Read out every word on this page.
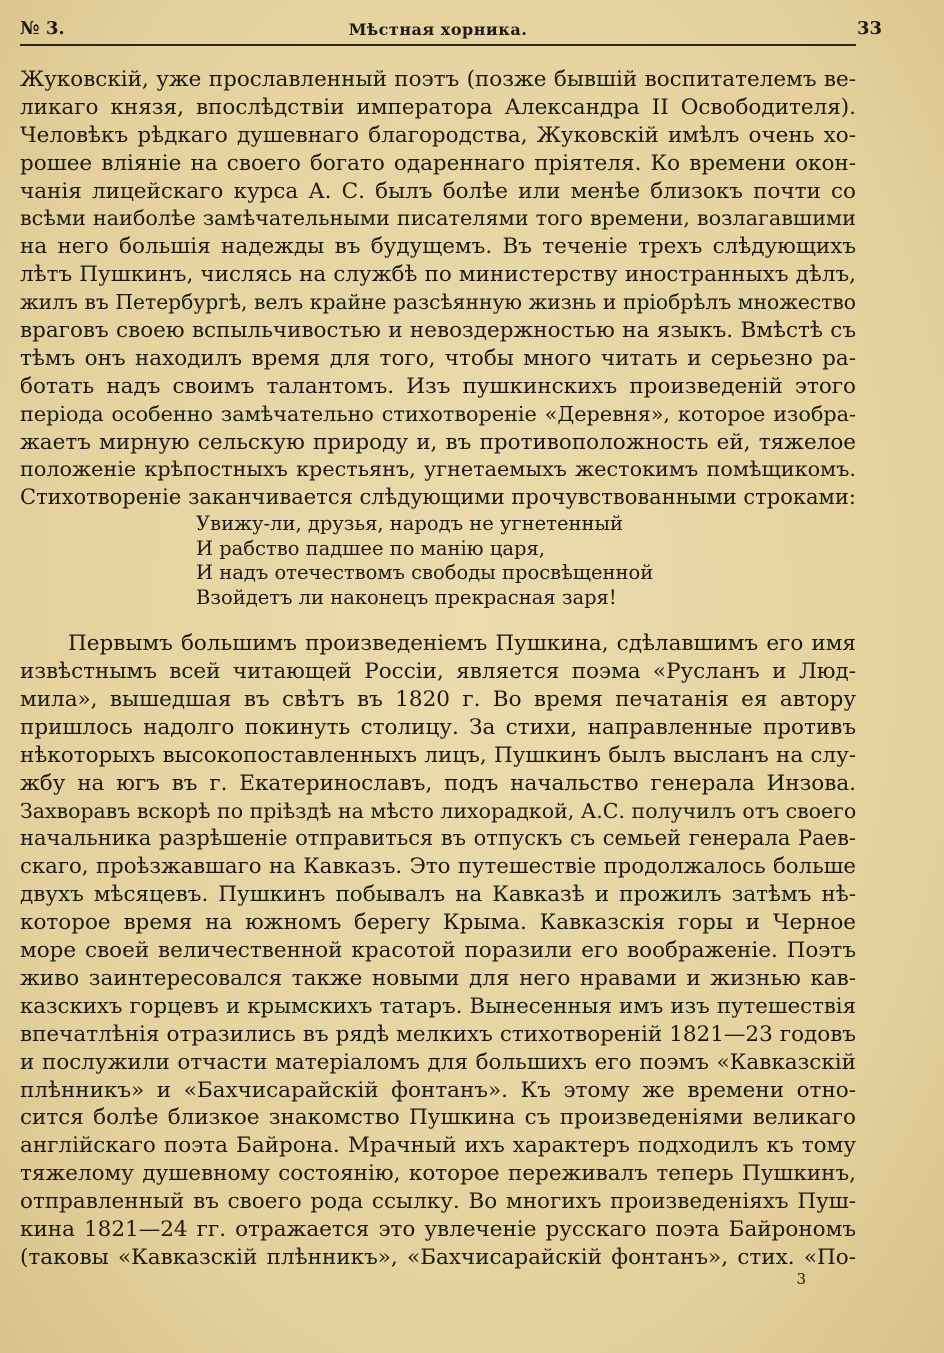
№ 3.	Мѣстная хорника.	33
Жуковскій, уже прославленный поэтъ (позже бывшій воспитателемъ ве-
ликаго князя, впослѣдствіи императора Александра II Освободителя).
Человѣкъ рѣдкаго душевнаго благородства, Жуковскій имѣлъ очень хо-
рошее вліяніе на своего богато одареннаго пріятеля. Ко времени окон-
чанія лицейскаго курса А. С. былъ болѣе или менѣе близокъ почти со
всѣми наиболѣе замѣчательными писателями того времени, возлагавшими
на него большія надежды въ будущемъ. Въ теченіе трехъ слѣдующихъ
лѣтъ Пушкинъ, числясь на службѣ по министерству иностранныхъ дѣлъ,
жилъ въ Петербургѣ, велъ крайне разсѣянную жизнь и пріобрѣлъ множество
враговъ своею вспыльчивостью и невоздержностью на языкъ. Вмѣстѣ съ
тѣмъ онъ находилъ время для того, чтобы много читать и серьезно ра-
ботать надъ своимъ талантомъ. Изъ пушкинскихъ произведеній этого
періода особенно замѣчательно стихотвореніе «Деревня», которое изобра-
жаетъ мирную сельскую природу и, въ противоположность ей, тяжелое
положеніе крѣпостныхъ крестьянъ, угнетаемыхъ жестокимъ помѣщикомъ.
Стихотвореніе заканчивается слѣдующими прочувствованными строками:
Увижу-ли, друзья, народъ не угнетенный
И рабство падшее по манію царя,
И надъ отечествомъ свободы просвѣщенной
Взойдетъ ли наконецъ прекрасная заря!
Первымъ большимъ произведеніемъ Пушкина, сдѣлавшимъ его имя
извѣстнымъ всей читающей Россіи, является поэма «Русланъ и Люд-
мила», вышедшая въ свѣтъ въ 1820 г. Во время печатанія ея автору
пришлось надолго покинуть столицу. За стихи, направленные противъ
нѣкоторыхъ высокопоставленныхъ лицъ, Пушкинъ былъ высланъ на слу-
жбу на югъ въ г. Екатеринославъ, подъ начальство генерала Инзова.
Захворавъ вскорѣ по пріѣздѣ на мѣсто лихорадкой, А.С. получилъ отъ своего
начальника разрѣшеніе отправиться въ отпускъ съ семьей генерала Раев-
скаго, проѣзжавшаго на Кавказъ. Это путешествіе продолжалось больше
двухъ мѣсяцевъ. Пушкинъ побывалъ на Кавказѣ и прожилъ затѣмъ нѣ-
которое время на южномъ берегу Крыма. Кавказскія горы и Черное
море своей величественной красотой поразили его воображеніе. Поэтъ
живо заинтересовался также новыми для него нравами и жизнью кав-
казскихъ горцевъ и крымскихъ татаръ. Вынесенныя имъ изъ путешествія
впечатлѣнія отразились въ рядѣ мелкихъ стихотвореній 1821—23 годовъ
и послужили отчасти матеріаломъ для большихъ его поэмъ «Кавказскій
плѣнникъ» и «Бахчисарайскій фонтанъ». Къ этому же времени отно-
сится болѣе близкое знакомство Пушкина съ произведеніями великаго
англійскаго поэта Байрона. Мрачный ихъ характеръ подходилъ къ тому
тяжелому душевному состоянію, которое переживалъ теперь Пушкинъ,
отправленный въ своего рода ссылку. Во многихъ произведеніяхъ Пуш-
кина 1821—24 гг. отражается это увлеченіе русскаго поэта Байрономъ
(таковы «Кавказскій плѣнникъ», «Бахчисарайскій фонтанъ», стих. «По-
3
